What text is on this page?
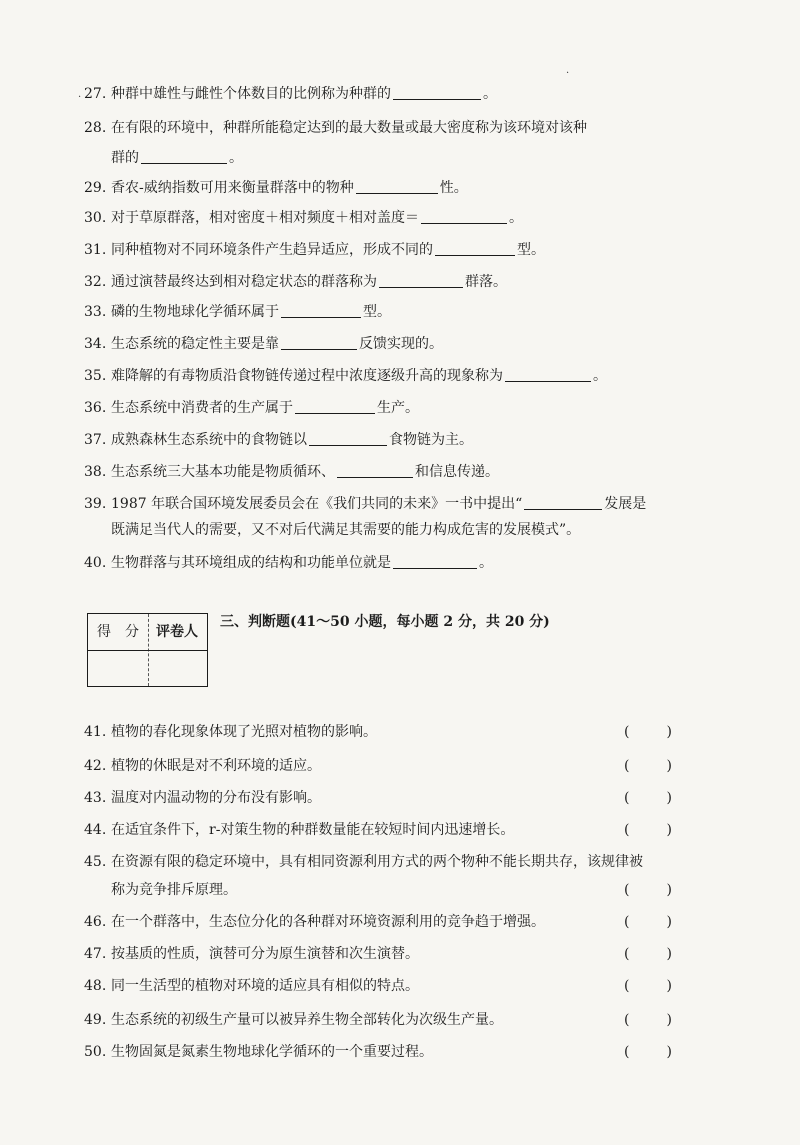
·
·
27. 种群中雄性与雌性个体数目的比例称为种群的	。
28. 在有限的环境中，种群所能稳定达到的最大数量或最大密度称为该环境对该种
群的	。
29. 香农-威纳指数可用来衡量群落中的物种	性。
30. 对于草原群落，相对密度＋相对频度＋相对盖度＝	。
31. 同种植物对不同环境条件产生趋异适应，形成不同的	型。
32. 通过演替最终达到相对稳定状态的群落称为	群落。
33. 磷的生物地球化学循环属于	型。
34. 生态系统的稳定性主要是靠	反馈实现的。
35. 难降解的有毒物质沿食物链传递过程中浓度逐级升高的现象称为	。
36. 生态系统中消费者的生产属于	生产。
37. 成熟森林生态系统中的食物链以	食物链为主。
38. 生态系统三大基本功能是物质循环、	和信息传递。
39. 1987 年联合国环境发展委员会在《我们共同的未来》一书中提出“	发展是
既满足当代人的需要，又不对后代满足其需要的能力构成危害的发展模式”。
40. 生物群落与其环境组成的结构和功能单位就是	。
得　分	评卷人
三、判断题(41～50 小题，每小题 2 分，共 20 分)
41. 植物的春化现象体现了光照对植物的影响。	(	)
42. 植物的休眠是对不利环境的适应。	(	)
43. 温度对内温动物的分布没有影响。	(	)
44. 在适宜条件下，r-对策生物的种群数量能在较短时间内迅速增长。	(	)
45. 在资源有限的稳定环境中，具有相同资源利用方式的两个物种不能长期共存，该规律被
称为竞争排斥原理。	(	)
46. 在一个群落中，生态位分化的各种群对环境资源利用的竞争趋于增强。	(	)
47. 按基质的性质，演替可分为原生演替和次生演替。	(	)
48. 同一生活型的植物对环境的适应具有相似的特点。	(	)
49. 生态系统的初级生产量可以被异养生物全部转化为次级生产量。	(	)
50. 生物固氮是氮素生物地球化学循环的一个重要过程。	(	)
